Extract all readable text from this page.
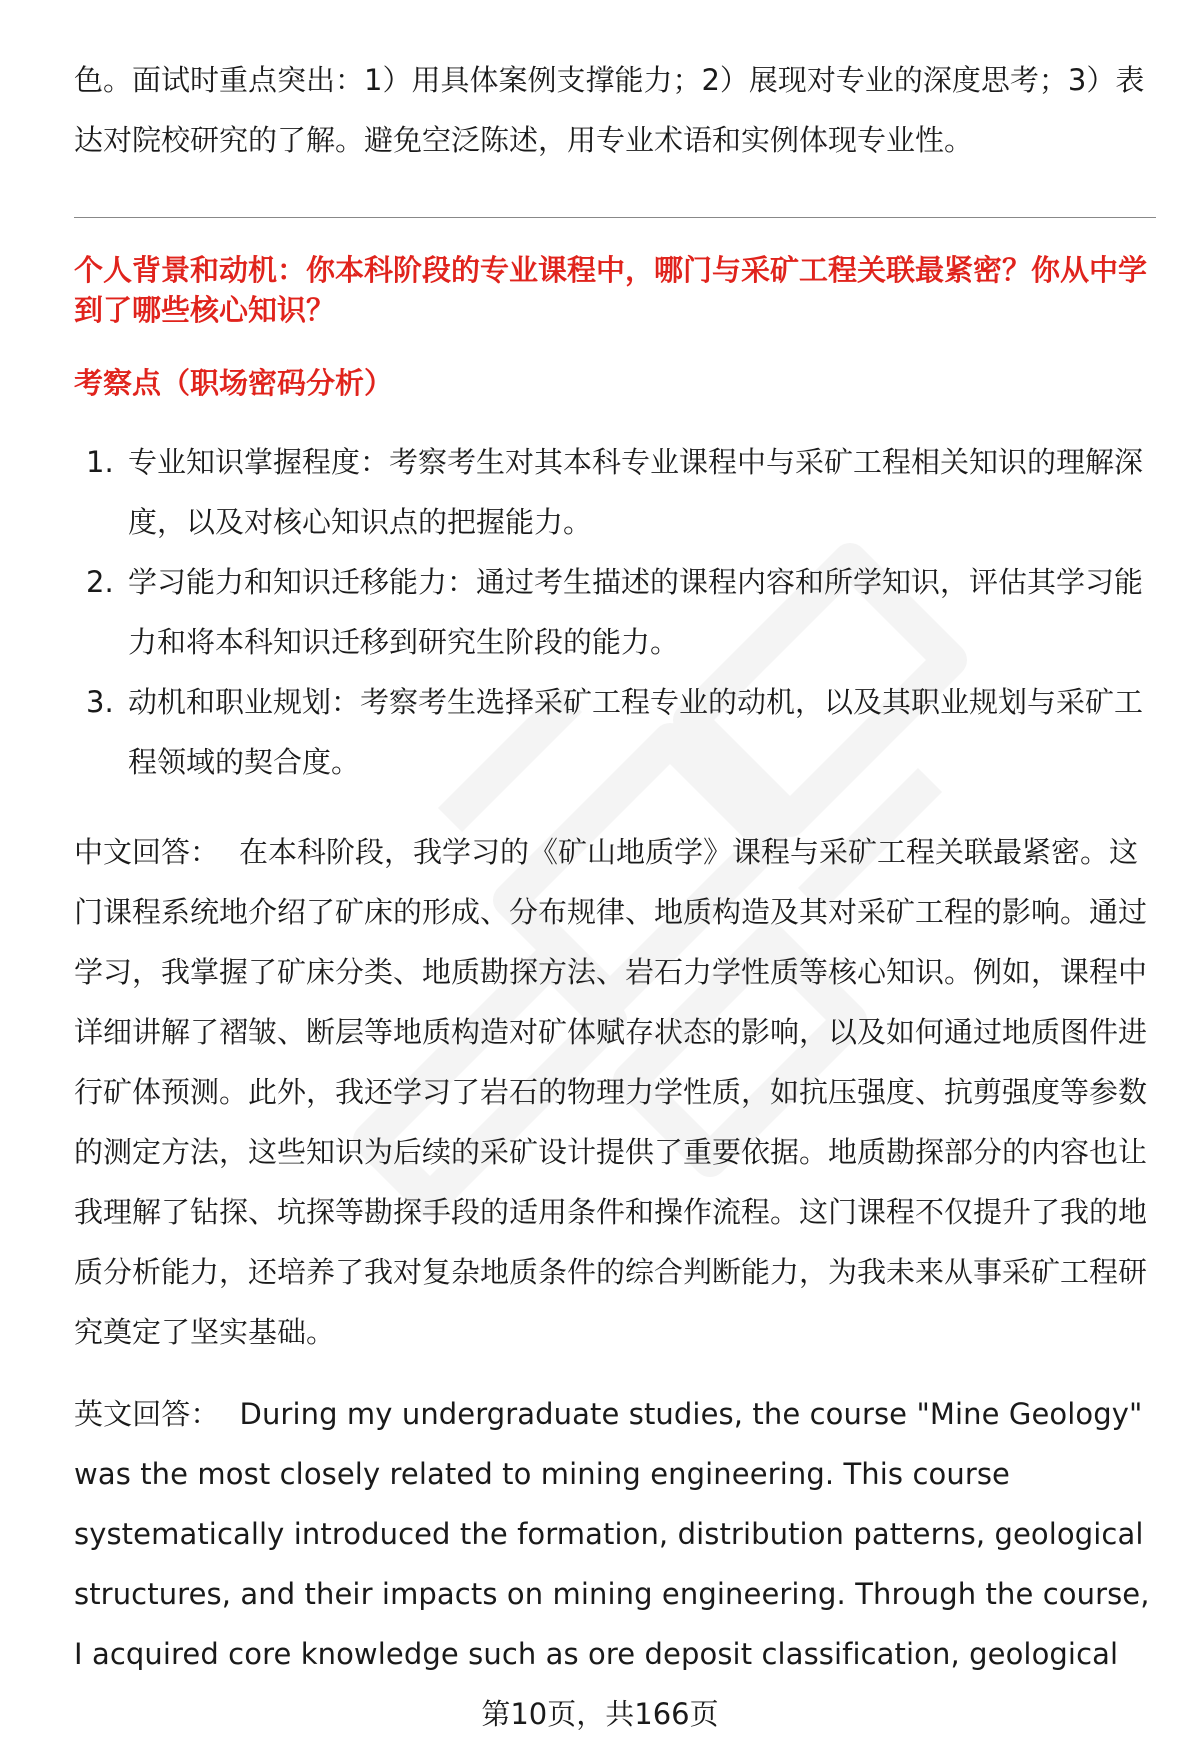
色。面试时重点突出：1）用具体案例支撑能力；2）展现对专业的深度思考；3）表达对院校研究的了解。避免空泛陈述，用专业术语和实例体现专业性。
个人背景和动机：你本科阶段的专业课程中，哪门与采矿工程关联最紧密？你从中学到了哪些核心知识？
考察点（职场密码分析）
1. 专业知识掌握程度：考察考生对其本科专业课程中与采矿工程相关知识的理解深度，以及对核心知识点的把握能力。
2. 学习能力和知识迁移能力：通过考生描述的课程内容和所学知识，评估其学习能力和将本科知识迁移到研究生阶段的能力。
3. 动机和职业规划：考察考生选择采矿工程专业的动机，以及其职业规划与采矿工程领域的契合度。
中文回答： 在本科阶段，我学习的《矿山地质学》课程与采矿工程关联最紧密。这门课程系统地介绍了矿床的形成、分布规律、地质构造及其对采矿工程的影响。通过学习，我掌握了矿床分类、地质勘探方法、岩石力学性质等核心知识。例如，课程中详细讲解了褶皱、断层等地质构造对矿体赋存状态的影响，以及如何通过地质图件进行矿体预测。此外，我还学习了岩石的物理力学性质，如抗压强度、抗剪强度等参数的测定方法，这些知识为后续的采矿设计提供了重要依据。地质勘探部分的内容也让我理解了钻探、坑探等勘探手段的适用条件和操作流程。这门课程不仅提升了我的地质分析能力，还培养了我对复杂地质条件的综合判断能力，为我未来从事采矿工程研究奠定了坚实基础。
英文回答： During my undergraduate studies, the course "Mine Geology" was the most closely related to mining engineering. This course systematically introduced the formation, distribution patterns, geological structures, and their impacts on mining engineering. Through the course, I acquired core knowledge such as ore deposit classification, geological
第10页，共166页
